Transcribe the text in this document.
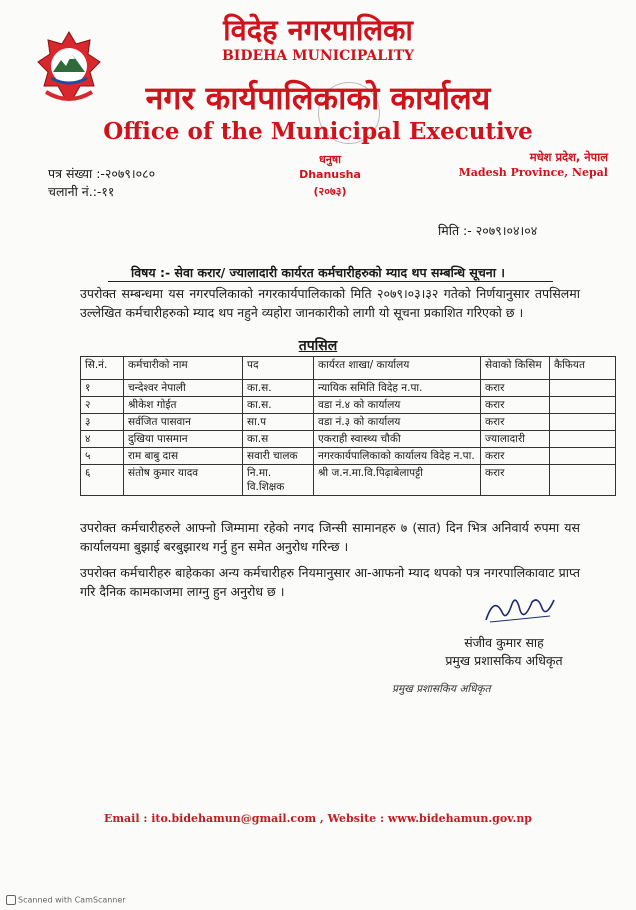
विदेह नगरपालिका
BIDEHA MUNICIPALITY
नगर कार्यपालिकाको कार्यालय
Office of the Municipal Executive
पत्र संख्या :-२०७९।०८०
चलानी नं.:-११
धनुषा
Dhanusha
(२०७३)
मधेश प्रदेश, नेपाल
Madesh Province, Nepal
मिति :- २०७९।०४।०४
विषय :- सेवा करार/ ज्यालादारी कार्यरत कर्मचारीहरुको म्याद थप सम्बन्धि सूचना ।
उपरोक्त सम्बन्धमा यस नगरपलिकाको नगरकार्यपालिकाको मिति २०७९।०३।३२ गतेको निर्णयानुसार तपसिलमा उल्लेखित कर्मचारीहरुको म्याद थप नहुने व्यहोरा जानकारीको लागी यो सूचना प्रकाशित गरिएको छ ।
तपसिल
सि.नं.	कर्मचारीको नाम	पद	कार्यरत शाखा/ कार्यालय	सेवाको किसिम	कैफियत
१	चन्देश्वर नेपाली	का.स.	न्यायिक समिति विदेह न.पा.	करार	
२	श्रीकेश गोईत	का.स.	वडा नं.४ को कार्यालय	करार	
३	सर्वजित पासवान	सा.प	वडा नं.३ को कार्यालय	करार	
४	दुखिया पासमान	का.स	एकराही स्वास्थ्य चौकी	ज्यालादारी	
५	राम बाबु दास	सवारी चालक	नगरकार्यपालिकाको कार्यालय विदेह न.पा.	करार	
६	संतोष कुमार यादव	नि.मा. वि.शिक्षक	श्री ज.न.मा.वि.पिढ़ाबेलापट्टी	करार	
उपरोक्त कर्मचारीहरुले आफ्नो जिम्मामा रहेको नगद जिन्सी सामानहरु ७ (सात) दिन भित्र अनिवार्य रुपमा यस कार्यालयमा बुझाई बरबुझारथ गर्नु हुन समेत अनुरोध गरिन्छ ।
उपरोक्त कर्मचारीहरु बाहेकका अन्य कर्मचारीहरु नियमानुसार आ-आफनो म्याद थपको पत्र नगरपालिकावाट प्राप्त गरि दैनिक कामकाजमा लाग्नु हुन अनुरोध छ ।
संजीव कुमार साह
प्रमुख प्रशासकिय अधिकृत
प्रमुख प्रशासकिय अधिकृत
Email : ito.bidehamun@gmail.com , Website : www.bidehamun.gov.np
Scanned with CamScanner
